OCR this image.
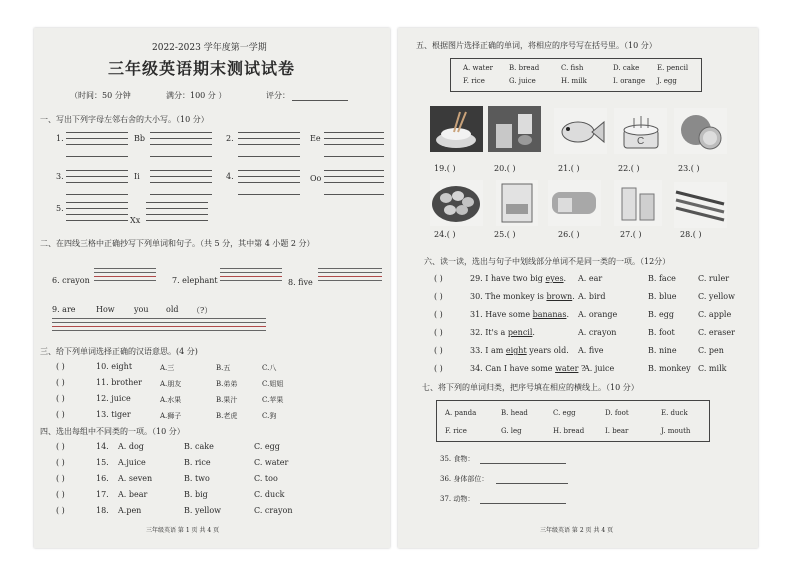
2022-2023 学年度第一学期
三年级英语期末测试试卷
（时间：50 分钟	满分：100 分 ）	评分：
一、写出下列字母左邻右舍的大小写。（10 分）
1.	Bb	2.	Ee
3.	Ii	4.	Oo
5.
Xx
二、在四线三格中正确抄写下列单词和句子。（共 5 分，其中第 4 小题 2 分）
6. crayon	7. elephant	8. five
9. are	How you old （?）
三、给下列单词选择正确的汉语意思。(4 分)
( )	10. eight	A.三	B.五	C.八
( )	11. brother	A.朋友	B.弟弟	C.姐姐
( )	12. juice	A.水果	B.果汁	C.苹果
( )	13. tiger	A.狮子	B.老虎	C.狗
四、选出每组中不同类的一项。（10 分）
( )	14. A. dog	B. cake	C. egg
( )	15. A.juice	B. rice	C. water
( )	16. A. seven	B. two	C. too
( )	17. A. bear	B. big	C. duck
( )	18. A.pen	B. yellow	C. crayon
三年级英语 第 1 页 共 4 页
五、根据图片选择正确的单词，将相应的序号写在括号里。（10 分）
A. water B. bread	C. fish	D. cake	E. pencil
F. rice	G. juice	H. milk	I. orange J. egg
C
19.( )	20.( )	21.( )	22.( )	23.( )
24.( )	25.( )	26.( )	27.( )	28.( )
六、读一读，选出与句子中划线部分单词不是同一类的一项。（12分）
( )	29. I have two big eyes. A. ear	B. face	C. ruler
( )	30. The monkey is brown. A. bird	B. blue	C. yellow
( )	31. Have some bananas. A. orange	B. egg	C. apple
( )	32. It's a pencil.	A. crayon	B. foot	C. eraser
( )	33. I am eight years old. A. five	B. nine	C. pen
( )	34. Can I have some water ?
A. juice	B. monkey C. milk
七、将下列的单词归类，把序号填在相应的横线上。（10 分）
A. panda	B. head	C. egg	D. foot	E. duck
F. rice	G. leg	H. bread	I. bear	J. mouth
35. 食物：
36. 身体部位：
37. 动物：
三年级英语 第 2 页 共 4 页
